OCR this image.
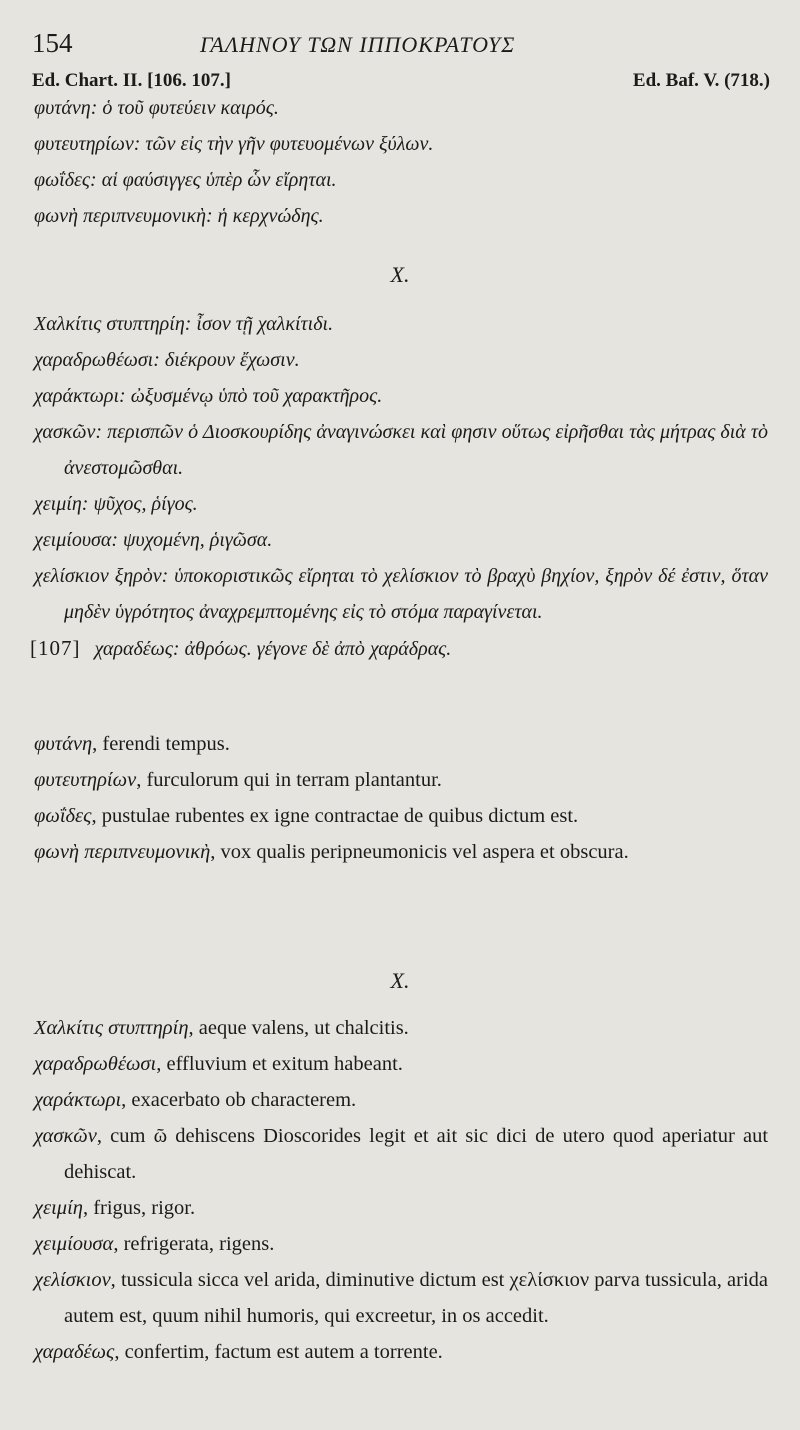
154	ΓΑΛΗΝΟΥ ΤΩΝ ΙΠΠΟΚΡΑΤΟΥΣ
Ed. Chart. II. [106. 107.]	Ed. Baf. V. (718.)

φυτάνη: ὁ τοῦ φυτεύειν καιρός.

φυτευτηρίων: τῶν εἰς τὴν γῆν φυτευομένων ξύλων.

φωΐδες: αἱ φαύσιγγες ὑπὲρ ὧν εἴρηται.

φωνὴ περιπνευμονικὴ: ἡ κερχνώδης.

Χ.

Χαλκίτις στυπτηρίη: ἶσον τῇ χαλκίτιδι.

χαραδρωθέωσι: διέκρουν ἔχωσιν.

χαράκτωρι: ὠξυσμένῳ ὑπὸ τοῦ χαρακτῆρος.

χασκῶν: περισπῶν ὁ Διοσκουρίδης ἀναγινώσκει καὶ φησιν οὕτως εἰρῆσθαι τὰς μήτρας διὰ τὸ ἀνεστομῶσθαι.

χειμίη: ψῦχος, ῥίγος.

χειμίουσα: ψυχομένη, ῥιγῶσα.

χελίσκιον ξηρὸν: ὑποκοριστικῶς εἴρηται τὸ χελίσκιον τὸ βραχὺ βηχίον, ξηρὸν δέ ἐστιν, ὅταν μηδὲν ὑγρότητος ἀναχρεμπτομένης εἰς τὸ στόμα παραγίνεται.

[107] χαραδέως: ἀθρόως. γέγονε δὲ ἀπὸ χαράδρας.

φυτάνη, ferendi tempus.

φυτευτηρίων, furculorum qui in terram plantantur.

φωΐδες, pustulae rubentes ex igne contractae de quibus dictum est.

φωνὴ περιπνευμονικὴ, vox qualis peripneumonicis vel aspera et obscura.

Χ.

Χαλκίτις στυπτηρίη, aeque valens, ut chalcitis.

χαραδρωθέωσι, effluvium et exitum habeant.

χαράκτωρι, exacerbato ob characterem.

χασκῶν, cum ῶ dehiscens Dioscorides legit et ait sic dici de utero quod aperiatur aut dehiscat.

χειμίη, frigus, rigor.

χειμίουσα, refrigerata, rigens.

χελίσκιον, tussicula sicca vel arida, diminutive dictum est χελίσκιον parva tussicula, arida autem est, quum nihil humoris, qui excreetur, in os accedit.

χαραδέως, confertim, factum est autem a torrente.
